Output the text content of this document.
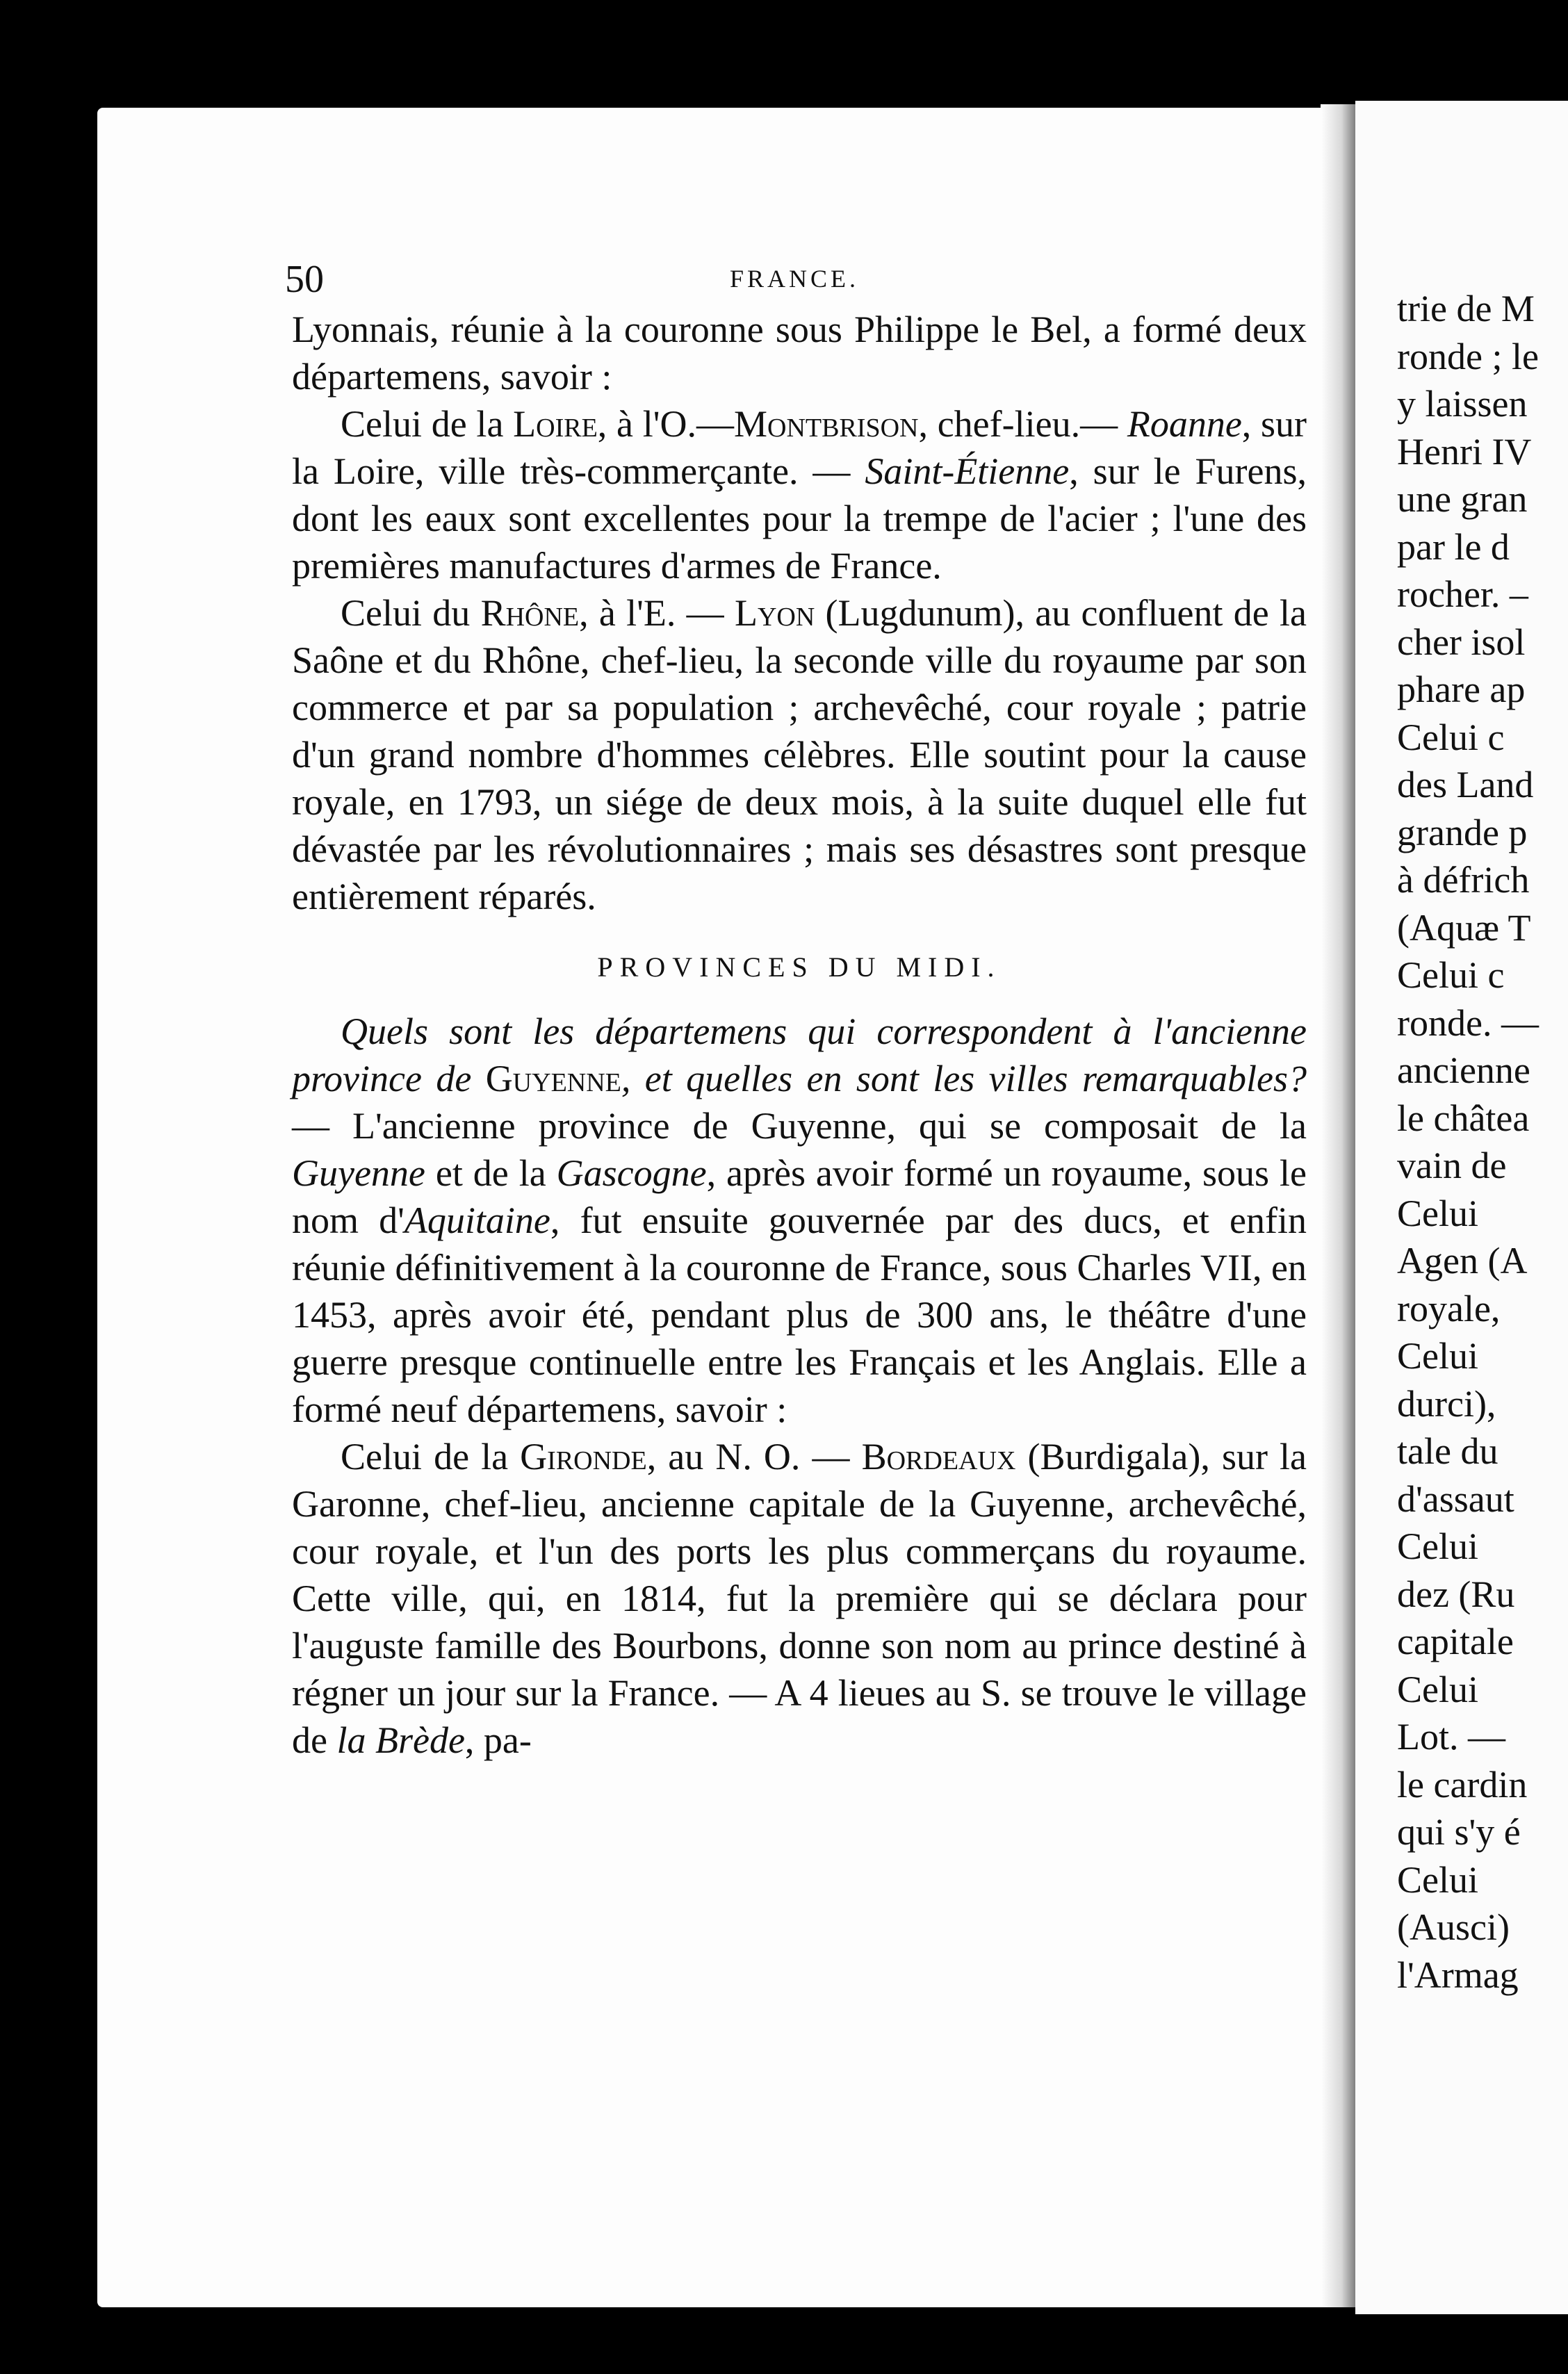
50	FRANCE.

Lyonnais, réunie à la couronne sous Philippe le Bel, a formé deux départemens, savoir :

Celui de la Loire, à l'O.—Montbrison, chef-lieu.— Roanne, sur la Loire, ville très-commerçante. — Saint-Étienne, sur le Furens, dont les eaux sont excellentes pour la trempe de l'acier ; l'une des premières manufactures d'armes de France.

Celui du Rhône, à l'E. — Lyon (Lugdunum), au confluent de la Saône et du Rhône, chef-lieu, la seconde ville du royaume par son commerce et par sa population ; archevêché, cour royale ; patrie d'un grand nombre d'hommes célèbres. Elle soutint pour la cause royale, en 1793, un siége de deux mois, à la suite duquel elle fut dévastée par les révolutionnaires ; mais ses désastres sont presque entièrement réparés.

PROVINCES DU MIDI.

Quels sont les départemens qui correspondent à l'ancienne province de Guyenne, et quelles en sont les villes remarquables? — L'ancienne province de Guyenne, qui se composait de la Guyenne et de la Gascogne, après avoir formé un royaume, sous le nom d'Aquitaine, fut ensuite gouvernée par des ducs, et enfin réunie définitivement à la couronne de France, sous Charles VII, en 1453, après avoir été, pendant plus de 300 ans, le théâtre d'une guerre presque continuelle entre les Français et les Anglais. Elle a formé neuf départemens, savoir :

Celui de la Gironde, au N. O. — Bordeaux (Burdigala), sur la Garonne, chef-lieu, ancienne capitale de la Guyenne, archevêché, cour royale, et l'un des ports les plus commerçans du royaume. Cette ville, qui, en 1814, fut la première qui se déclara pour l'auguste famille des Bourbons, donne son nom au prince destiné à régner un jour sur la France. — A 4 lieues au S. se trouve le village de la Brède, pa-

trie de M
ronde ; le
y laissen
Henri IV
une gran
par le d
rocher. –
cher isol
phare ap
Celui c
des Land
grande p
à défrich
(Aquæ T
Celui c
ronde. —
ancienne
le châtea
vain de
Celui
Agen (A
royale,
Celui
durci),
tale du
d'assaut
Celui
dez (Ru
capitale
Celui
Lot. —
le cardin
qui s'y é
Celui
(Ausci)
l'Armag
